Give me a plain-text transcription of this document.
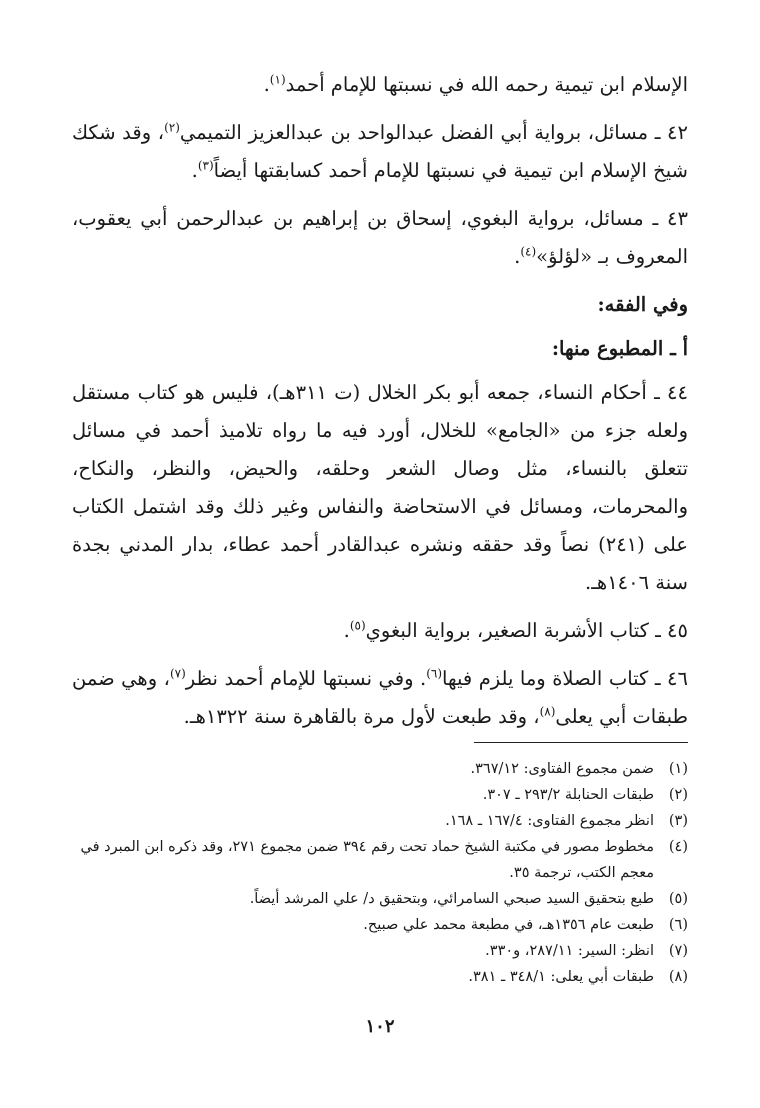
الإسلام ابن تيمية رحمه الله في نسبتها للإمام أحمد$^{(١)}$.

٤٢ ـ مسائل، برواية أبي الفضل عبدالواحد بن عبدالعزيز التميمي$^{(٢)}$، وقد شكك شيخ الإسلام ابن تيمية في نسبتها للإمام أحمد كسابقتها أيضاً$^{(٣)}$.

٤٣ ـ مسائل، برواية البغوي، إسحاق بن إبراهيم بن عبدالرحمن أبي يعقوب، المعروف بـ «لؤلؤ»$^{(٤)}$.

وفي الفقه:

أ ـ المطبوع منها:

٤٤ ـ أحكام النساء، جمعه أبو بكر الخلال (ت ٣١١هـ)، فليس هو كتاب مستقل ولعله جزء من «الجامع» للخلال، أورد فيه ما رواه تلاميذ أحمد في مسائل تتعلق بالنساء، مثل وصال الشعر وحلقه، والحيض، والنظر، والنكاح، والمحرمات، ومسائل في الاستحاضة والنفاس وغير ذلك وقد اشتمل الكتاب على (٢٤١) نصاً وقد حققه ونشره عبدالقادر أحمد عطاء، بدار المدني بجدة سنة ١٤٠٦هـ.

٤٥ ـ كتاب الأشربة الصغير، برواية البغوي$^{(٥)}$.

٤٦ ـ كتاب الصلاة وما يلزم فيها$^{(٦)}$. وفي نسبتها للإمام أحمد نظر$^{(٧)}$، وهي ضمن طبقات أبي يعلى$^{(٨)}$، وقد طبعت لأول مرة بالقاهرة سنة ١٣٢٢هـ.

(١)
ضمن مجموع الفتاوى: ٣٦٧/١٢.
(٢)
طبقات الحنابلة ٢٩٣/٢ ـ ٣٠٧.
(٣)
انظر مجموع الفتاوى: ١٦٧/٤ ـ ١٦٨.
(٤)
مخطوط مصور في مكتبة الشيخ حماد تحت رقم ٣٩٤ ضمن مجموع ٢٧١، وقد ذكره ابن المبرد في معجم الكتب، ترجمة ٣٥.
(٥)
طبع بتحقيق السيد صبحي السامرائي، وبتحقيق د/ علي المرشد أيضاً.
(٦)
طبعت عام ١٣٥٦هـ، في مطبعة محمد علي صبيح.
(٧)
انظر: السير: ٢٨٧/١١، و٣٣٠.
(٨)
طبقات أبي يعلى: ٣٤٨/١ ـ ٣٨١.
١٠٢
